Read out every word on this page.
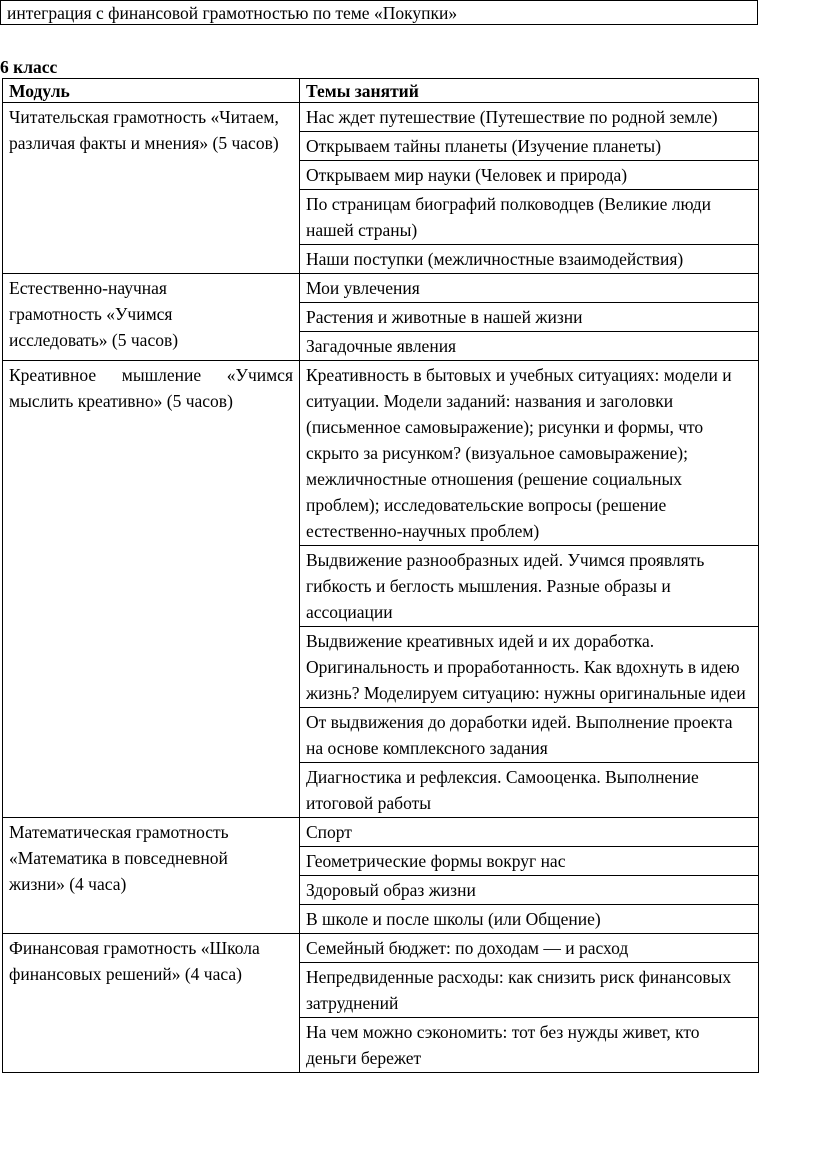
интеграция с финансовой грамотностью по теме «Покупки»
6 класс
Модуль	Темы занятий
Читательская грамотность «Читаем, различая факты и мнения» (5 часов)	Нас ждет путешествие (Путешествие по родной земле)
	Открываем тайны планеты (Изучение планеты)
	Открываем мир науки (Человек и природа)
	По страницам биографий полководцев (Великие люди нашей страны)
	Наши поступки (межличностные взаимодействия)
Естественно-научная грамотность «Учимся исследовать» (5 часов)	Мои увлечения
	Растения и животные в нашей жизни
	Загадочные явления
Креативное мышление «Учимся мыслить креативно» (5 часов)	Креативность в бытовых и учебных ситуациях: модели и ситуации. Модели заданий: названия и заголовки (письменное самовыражение); рисунки и формы, что скрыто за рисунком? (визуальное самовыражение); межличностные отношения (решение социальных проблем); исследовательские вопросы (решение естественно-научных проблем)
	Выдвижение разнообразных идей. Учимся проявлять гибкость и беглость мышления. Разные образы и ассоциации
	Выдвижение креативных идей и их доработка. Оригинальность и проработанность. Как вдохнуть в идею жизнь? Моделируем ситуацию: нужны оригинальные идеи
	От выдвижения до доработки идей. Выполнение проекта на основе комплексного задания
	Диагностика и рефлексия. Самооценка. Выполнение итоговой работы
Математическая грамотность «Математика в повседневной жизни» (4 часа)	Спорт
	Геометрические формы вокруг нас
	Здоровый образ жизни
	В школе и после школы (или Общение)
Финансовая грамотность «Школа финансовых решений» (4 часа)	Семейный бюджет: по доходам — и расход
	Непредвиденные расходы: как снизить риск финансовых затруднений
	На чем можно сэкономить: тот без нужды живет, кто деньги бережет
